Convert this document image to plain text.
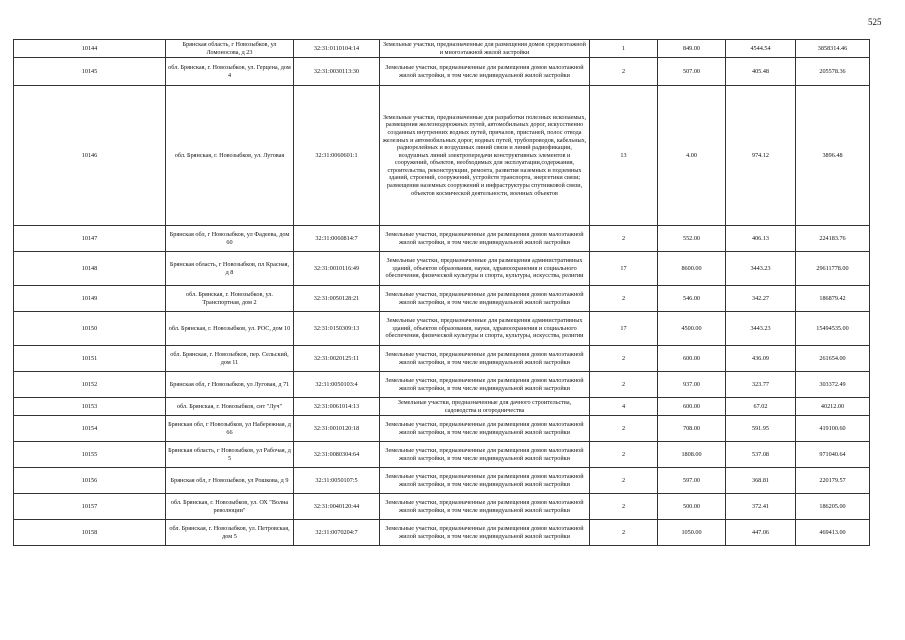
525
10144	Брянская область, г Новозыбков, ул Ломоносова, д 23	32:31:0110104:14	Земельные участки, предназначенные для размещения домов среднеэтажной и многоэтажной жилой застройки	1	849.00	4544.54	3858314.46
10145	обл. Брянская, г. Новозыбков, ул. Герцена, дом 4	32:31:0030113:30	Земельные участки, предназначенные для размещения домов малоэтажной жилой застройки, в том числе индивидуальной жилой застройки	2	507.00	405.48	205578.36
10146	обл. Брянская, г. Новозыбков, ул. Луговая	32:31:0060601:1	Земельные участки, предназначенные для разработки полезных ископаемых, размещения железнодорожных путей, автомобильных дорог, искусственно созданных внутренних водных путей, причалов, пристаней, полос отвода железных и автомобильных дорог, водных путей, трубопроводов, кабельных, радиорелейных и воздушных линий связи и линий радиофикации, воздушных линий электропередачи конструктивных элементов и сооружений, объектов, необходимых для эксплуатации,содержания, строительства, реконструкции, ремонта, развития наземных и подземных зданий, строений, сооружений, устройств транспорта, энергетики связи; размещения наземных сооружений и инфраструктуры спутниковой связи, объектов космической деятельности, военных объектов	13	4.00	974.12	3896.48
10147	Брянская обл, г Новозыбков, ул Фадеева, дом 60	32:31:0060814:7	Земельные участки, предназначенные для размещения домов малоэтажной жилой застройки, в том числе индивидуальной жилой застройки	2	552.00	406.13	224183.76
10148	Брянская область, г Новозыбков, пл Красная, д 8	32:31:0010116:49	Земельные участки, предназначенные для размещения административных зданий, объектов образования, науки, здравоохранения и социального обеспечения, физической культуры и спорта, культуры, искусства, религии	17	8600.00	3443.23	29611778.00
10149	обл. Брянская, г. Новозыбков, ул. Транспортная, дом 2	32:31:0050128:21	Земельные участки, предназначенные для размещения домов малоэтажной жилой застройки, в том числе индивидуальной жилой застройки	2	546.00	342.27	186879.42
10150	обл. Брянская, г. Новозыбков, ул. РОС, дом 10	32:31:0150309:13	Земельные участки, предназначенные для размещения административных зданий, объектов образования, науки, здравоохранения и социального обеспечения, физической культуры и спорта, культуры, искусства, религии	17	4500.00	3443.23	15494535.00
10151	обл. Брянская, г. Новозыбков, пер. Сельский, дом 11	32:31:0020125:11	Земельные участки, предназначенные для размещения домов малоэтажной жилой застройки, в том числе индивидуальной жилой застройки	2	600.00	436.09	261654.00
10152	Брянская обл, г Новозыбков, ул Луговая, д 71	32:31:0050103:4	Земельные участки, предназначенные для размещения домов малоэтажной жилой застройки, в том числе индивидуальной жилой застройки	2	937.00	323.77	303372.49
10153	обл. Брянская, г. Новозыбков, снт "Луч"	32:31:0061014:13	Земельные участки, предназначенные для дачного строительства, садоводства и огородничества	4	600.00	67.02	40212.00
10154	Брянская обл, г Новозыбков, ул Набережная, д 66	32:31:0010120:18	Земельные участки, предназначенные для размещения домов малоэтажной жилой застройки, в том числе индивидуальной жилой застройки	2	708.00	591.95	419100.60
10155	Брянская область, г Новозыбков, ул Рабочая, д 5	32:31:0080304:64	Земельные участки, предназначенные для размещения домов малоэтажной жилой застройки, в том числе индивидуальной жилой застройки	2	1808.00	537.08	971040.64
10156	Брянская обл, г Новозыбков, ул Рошкова, д 9	32:31:0050107:5	Земельные участки, предназначенные для размещения домов малоэтажной жилой застройки, в том числе индивидуальной жилой застройки	2	597.00	368.81	220179.57
10157	обл. Брянская, г. Новозыбков, ул. ОХ "Волна революции"	32:31:0040120:44	Земельные участки, предназначенные для размещения домов малоэтажной жилой застройки, в том числе индивидуальной жилой застройки	2	500.00	372.41	186205.00
10158	обл. Брянская, г. Новозыбков, ул. Петровская, дом 5	32:31:0070204:7	Земельные участки, предназначенные для размещения домов малоэтажной жилой застройки, в том числе индивидуальной жилой застройки	2	1050.00	447.06	469413.00
